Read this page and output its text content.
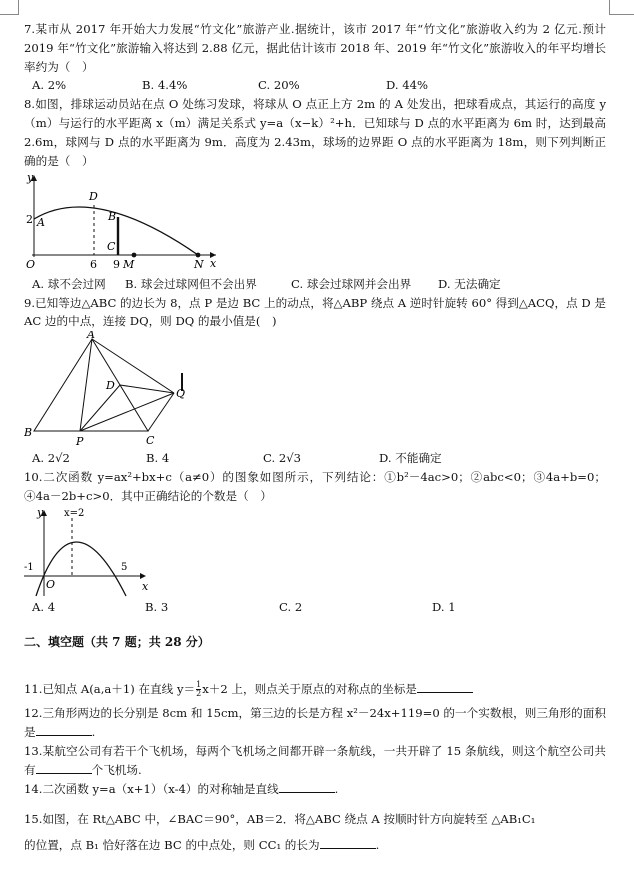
7.某市从 2017 年开始大力发展“竹文化”旅游产业.据统计，该市 2017 年“竹文化”旅游收入约为 2 亿元.预计 2019 年“竹文化”旅游输入将达到 2.88 亿元，据此估计该市 2018 年、2019 年“竹文化”旅游收入的年平均增长率约为（　）

A. 2%	B. 4.4%	C. 20%	D. 44%

8.如图，排球运动员站在点 O 处练习发球，将球从 O 点正上方 2m 的 A 处发出，把球看成点，其运行的高度 y（m）与运行的水平距离 x（m）满足关系式 y=a（x−k）²+h．已知球与 D 点的水平距离为 6m 时，达到最高 2.6m，球网与 D 点的水平距离为 9m．高度为 2.43m，球场的边界距 O 点的水平距离为 18m，则下列判断正确的是（　）

y
x
O
2 A
D
B
C
6 9 M	N
A. 球不会过网	B. 球会过球网但不会出界	C. 球会过球网并会出界	D. 无法确定

9.已知等边△ABC 的边长为 8，点 P 是边 BC 上的动点，将△ABP 绕点 A 逆时针旋转 60° 得到△ACQ，点 D 是 AC 边的中点，连接 DQ，则 DQ 的最小值是(　)

A
B
C
D
P
Q
A. 2√2	B. 4	C. 2√3	D. 不能确定

10.二次函数 y=ax²+bx+c（a≠0）的图象如图所示，下列结论：①b²－4ac>0；②abc<0；③4a+b=0；④4a－2b+c>0．其中正确结论的个数是（　）

y
x
O
x=2
-1	5
A. 4	B. 3	C. 2	D. 1
二、填空题（共 7 题；共 28 分）

11.已知点 A(a,a＋1) 在直线 $y= \frac{1}{2} x+2$ 上，则点关于原点的对称点的坐标是

12.三角形两边的长分别是 8cm 和 15cm，第三边的长是方程 x²－24x+119=0 的一个实数根，则三角形的面积是	.

13.某航空公司有若干个飞机场，每两个飞机场之间都开辟一条航线，一共开辟了 15 条航线，则这个航空公司共有	个飞机场.

14.二次函数 y=a（x+1）（x-4）的对称轴是直线	.

15.如图，在 Rt△ABC 中，∠BAC＝90°，AB＝2．将△ABC 绕点 A 按顺时针方向旋转至 △AB₁C₁
的位置，点 B₁ 恰好落在边 BC 的中点处，则 CC₁ 的长为	.
